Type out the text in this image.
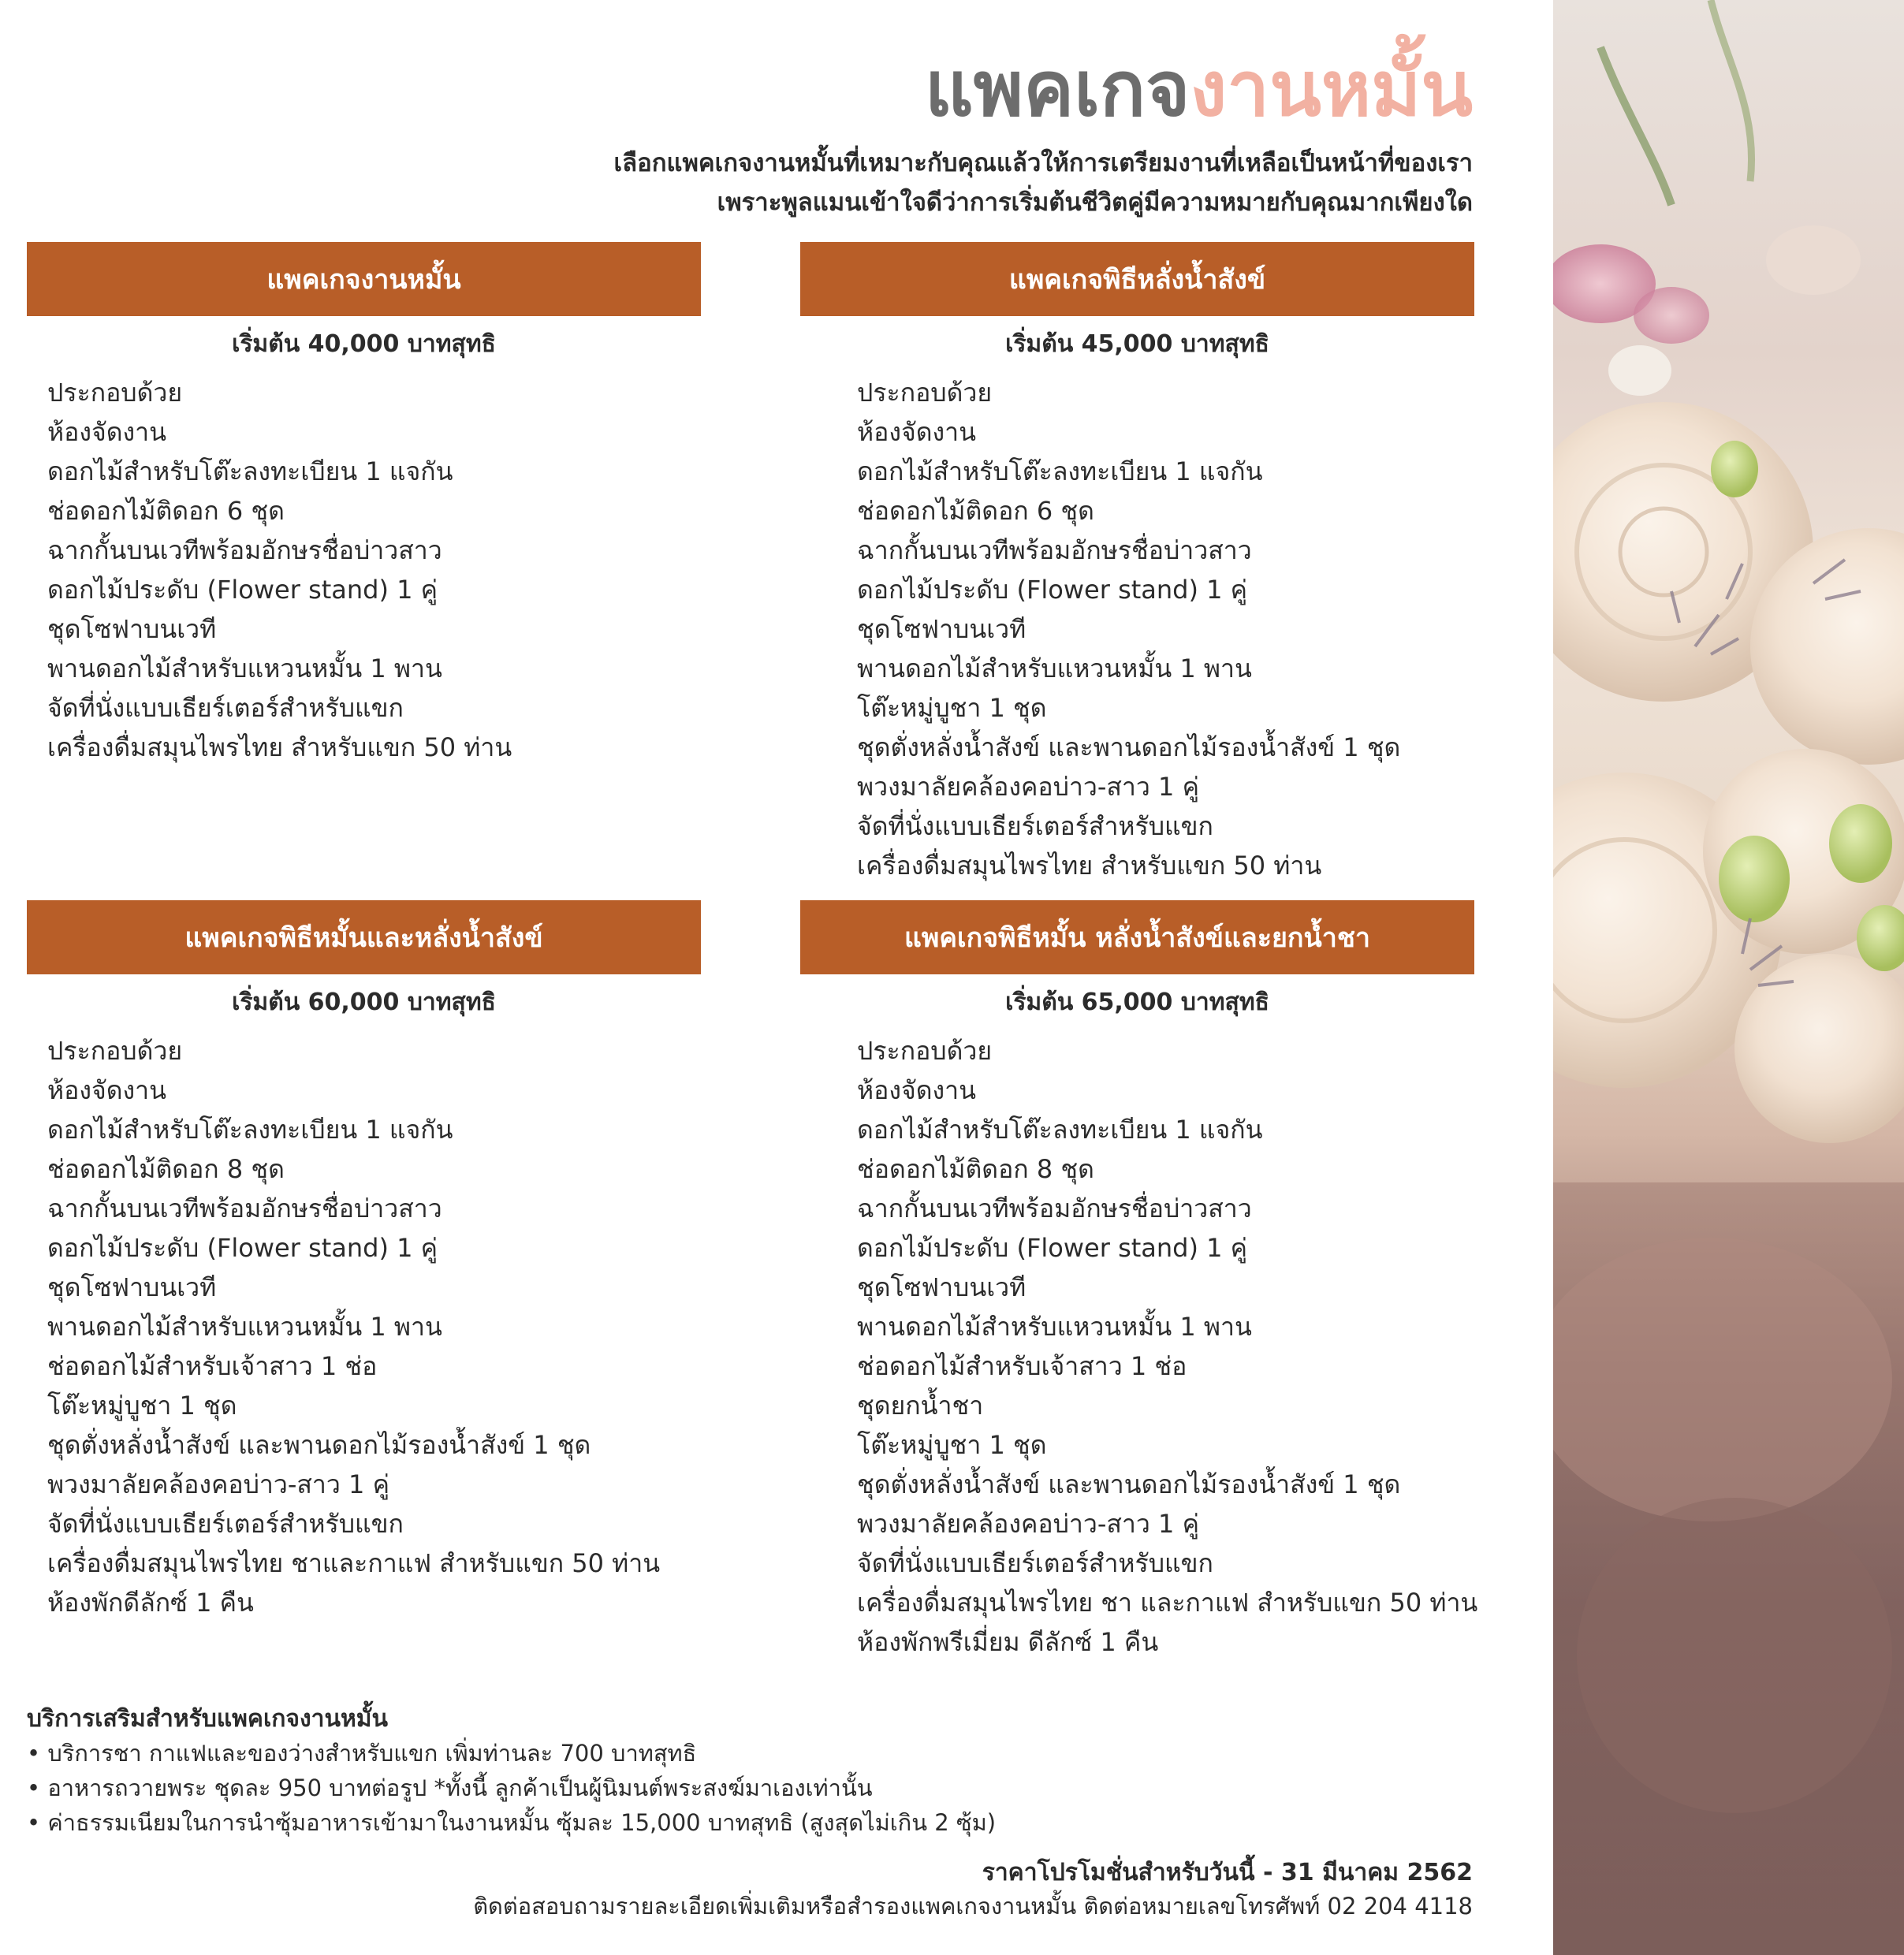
แพคเกจงานหมั้น
เลือกแพคเกจงานหมั้นที่เหมาะกับคุณแล้วให้การเตรียมงานที่เหลือเป็นหน้าที่ของเรา
เพราะพูลแมนเข้าใจดีว่าการเริ่มต้นชีวิตคู่มีความหมายกับคุณมากเพียงใด
แพคเกจงานหมั้น
เริ่มต้น 40,000 บาทสุทธิ
ประกอบด้วย
ห้องจัดงาน
ดอกไม้สำหรับโต๊ะลงทะเบียน 1 แจกัน
ช่อดอกไม้ติดอก 6 ชุด
ฉากกั้นบนเวทีพร้อมอักษรชื่อบ่าวสาว
ดอกไม้ประดับ (Flower stand) 1 คู่
ชุดโซฟาบนเวที
พานดอกไม้สำหรับแหวนหมั้น 1 พาน
จัดที่นั่งแบบเธียร์เตอร์สำหรับแขก
เครื่องดื่มสมุนไพรไทย สำหรับแขก 50 ท่าน
แพคเกจพิธีหลั่งน้ำสังข์
เริ่มต้น 45,000 บาทสุทธิ
ประกอบด้วย
ห้องจัดงาน
ดอกไม้สำหรับโต๊ะลงทะเบียน 1 แจกัน
ช่อดอกไม้ติดอก 6 ชุด
ฉากกั้นบนเวทีพร้อมอักษรชื่อบ่าวสาว
ดอกไม้ประดับ (Flower stand) 1 คู่
ชุดโซฟาบนเวที
พานดอกไม้สำหรับแหวนหมั้น 1 พาน
โต๊ะหมู่บูชา 1 ชุด
ชุดตั่งหลั่งน้ำสังข์ และพานดอกไม้รองน้ำสังข์ 1 ชุด
พวงมาลัยคล้องคอบ่าว-สาว 1 คู่
จัดที่นั่งแบบเธียร์เตอร์สำหรับแขก
เครื่องดื่มสมุนไพรไทย สำหรับแขก 50 ท่าน
แพคเกจพิธีหมั้นและหลั่งน้ำสังข์
เริ่มต้น 60,000 บาทสุทธิ
ประกอบด้วย
ห้องจัดงาน
ดอกไม้สำหรับโต๊ะลงทะเบียน 1 แจกัน
ช่อดอกไม้ติดอก 8 ชุด
ฉากกั้นบนเวทีพร้อมอักษรชื่อบ่าวสาว
ดอกไม้ประดับ (Flower stand) 1 คู่
ชุดโซฟาบนเวที
พานดอกไม้สำหรับแหวนหมั้น 1 พาน
ช่อดอกไม้สำหรับเจ้าสาว 1 ช่อ
โต๊ะหมู่บูชา 1 ชุด
ชุดตั่งหลั่งน้ำสังข์ และพานดอกไม้รองน้ำสังข์ 1 ชุด
พวงมาลัยคล้องคอบ่าว-สาว 1 คู่
จัดที่นั่งแบบเธียร์เตอร์สำหรับแขก
เครื่องดื่มสมุนไพรไทย ชาและกาแฟ สำหรับแขก 50 ท่าน
ห้องพักดีลักซ์ 1 คืน
แพคเกจพิธีหมั้น หลั่งน้ำสังข์และยกน้ำชา
เริ่มต้น 65,000 บาทสุทธิ
ประกอบด้วย
ห้องจัดงาน
ดอกไม้สำหรับโต๊ะลงทะเบียน 1 แจกัน
ช่อดอกไม้ติดอก 8 ชุด
ฉากกั้นบนเวทีพร้อมอักษรชื่อบ่าวสาว
ดอกไม้ประดับ (Flower stand) 1 คู่
ชุดโซฟาบนเวที
พานดอกไม้สำหรับแหวนหมั้น 1 พาน
ช่อดอกไม้สำหรับเจ้าสาว 1 ช่อ
ชุดยกน้ำชา
โต๊ะหมู่บูชา 1 ชุด
ชุดตั่งหลั่งน้ำสังข์ และพานดอกไม้รองน้ำสังข์ 1 ชุด
พวงมาลัยคล้องคอบ่าว-สาว 1 คู่
จัดที่นั่งแบบเธียร์เตอร์สำหรับแขก
เครื่องดื่มสมุนไพรไทย ชา และกาแฟ สำหรับแขก 50 ท่าน
ห้องพักพรีเมี่ยม ดีลักซ์ 1 คืน
บริการเสริมสำหรับแพคเกจงานหมั้น
• บริการชา กาแฟและของว่างสำหรับแขก เพิ่มท่านละ 700 บาทสุทธิ
• อาหารถวายพระ ชุดละ 950 บาทต่อรูป *ทั้งนี้ ลูกค้าเป็นผู้นิมนต์พระสงฆ์มาเองเท่านั้น
• ค่าธรรมเนียมในการนำซุ้มอาหารเข้ามาในงานหมั้น ซุ้มละ 15,000 บาทสุทธิ (สูงสุดไม่เกิน 2 ซุ้ม)
ราคาโปรโมชั่นสำหรับวันนี้ - 31 มีนาคม 2562
ติดต่อสอบถามรายละเอียดเพิ่มเติมหรือสำรองแพคเกจงานหมั้น ติดต่อหมายเลขโทรศัพท์ 02 204 4118
